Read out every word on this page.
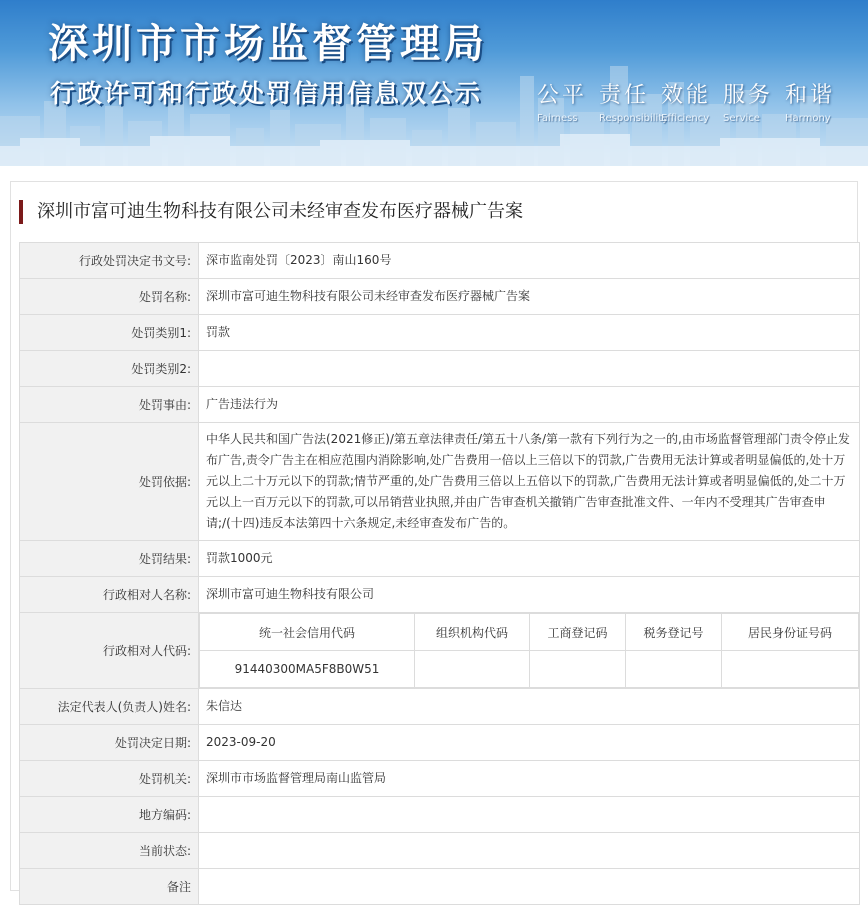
深圳市市场监督管理局
行政许可和行政处罚信用信息双公示 公平
Fairness
责任
Responsibility
效能
Efficiency
服务
Service
和谐
Harmony
深圳市富可迪生物科技有限公司未经审查发布医疗器械广告案
行政处罚决定书文号:	深市监南处罚〔2023〕南山160号
处罚名称:	深圳市富可迪生物科技有限公司未经审查发布医疗器械广告案
处罚类别1:	罚款
处罚类别2:	
处罚事由:	广告违法行为
处罚依据:	中华人民共和国广告法(2021修正)/第五章法律责任/第五十八条/第一款有下列行为之一的,由市场监督管理部门责令停止发布广告,责令广告主在相应范围内消除影响,处广告费用一倍以上三倍以下的罚款,广告费用无法计算或者明显偏低的,处十万元以上二十万元以下的罚款;情节严重的,处广告费用三倍以上五倍以下的罚款,广告费用无法计算或者明显偏低的,处二十万元以上一百万元以下的罚款,可以吊销营业执照,并由广告审查机关撤销广告审查批准文件、一年内不受理其广告审查申请;/(十四)违反本法第四十六条规定,未经审查发布广告的。
处罚结果:	罚款1000元
行政相对人名称:	深圳市富可迪生物科技有限公司
行政相对人代码:	
统一社会信用代码	组织机构代码	工商登记码	税务登记号	居民身份证号码
91440300MA5F8B0W51				

法定代表人(负责人)姓名:	朱信达
处罚决定日期:	2023-09-20
处罚机关:	深圳市市场监督管理局南山监管局
地方编码:	
当前状态:	
备注	
